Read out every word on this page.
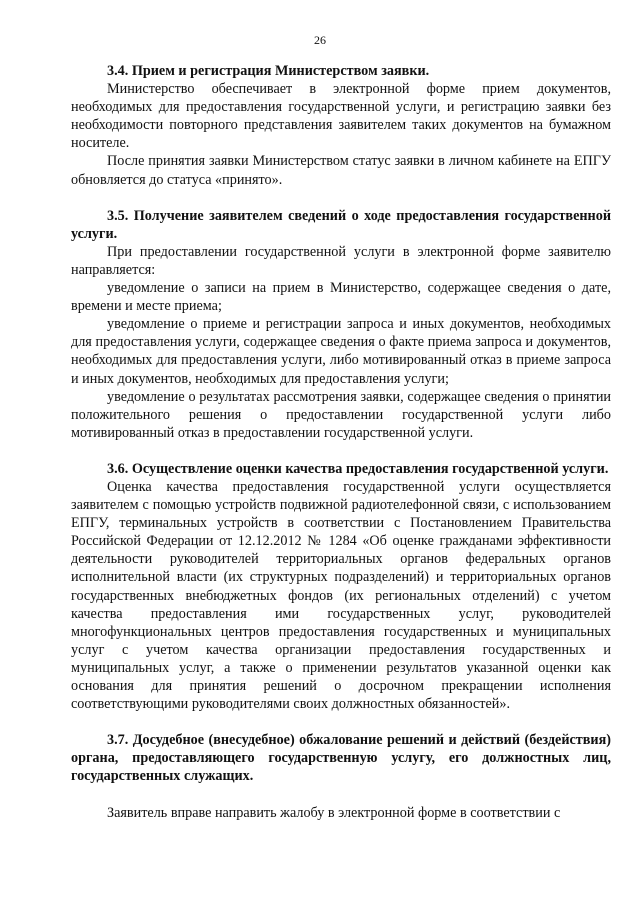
26

3.4. Прием и регистрация Министерством заявки.

Министерство обеспечивает в электронной форме прием документов, необходимых для предоставления государственной услуги, и регистрацию заявки без необходимости повторного представления заявителем таких документов на бумажном носителе.

После принятия заявки Министерством статус заявки в личном кабинете на ЕПГУ обновляется до статуса «принято».

3.5. Получение заявителем сведений о ходе предоставления государственной услуги.

При предоставлении государственной услуги в электронной форме заявителю направляется:

уведомление о записи на прием в Министерство, содержащее сведения о дате, времени и месте приема;

уведомление о приеме и регистрации запроса и иных документов, необходимых для предоставления услуги, содержащее сведения о факте приема запроса и документов, необходимых для предоставления услуги, либо мотивированный отказ в приеме запроса и иных документов, необходимых для предоставления услуги;

уведомление о результатах рассмотрения заявки, содержащее сведения о принятии положительного решения о предоставлении государственной услуги либо мотивированный отказ в предоставлении государственной услуги.

3.6. Осуществление оценки качества предоставления государственной услуги.

Оценка качества предоставления государственной услуги осуществляется заявителем с помощью устройств подвижной радиотелефонной связи, с использованием ЕПГУ, терминальных устройств в соответствии с Постановлением Правительства Российской Федерации от 12.12.2012 № 1284 «Об оценке гражданами эффективности деятельности руководителей территориальных органов федеральных органов исполнительной власти (их структурных подразделений) и территориальных органов государственных внебюджетных фондов (их региональных отделений) с учетом качества предоставления ими государственных услуг, руководителей многофункциональных центров предоставления государственных и муниципальных услуг с учетом качества организации предоставления государственных и муниципальных услуг, а также о применении результатов указанной оценки как основания для принятия решений о досрочном прекращении исполнения соответствующими руководителями своих должностных обязанностей».

3.7. Досудебное (внесудебное) обжалование решений и действий (бездействия) органа, предоставляющего государственную услугу, его должностных лиц, государственных служащих.

Заявитель вправе направить жалобу в электронной форме в соответствии с
